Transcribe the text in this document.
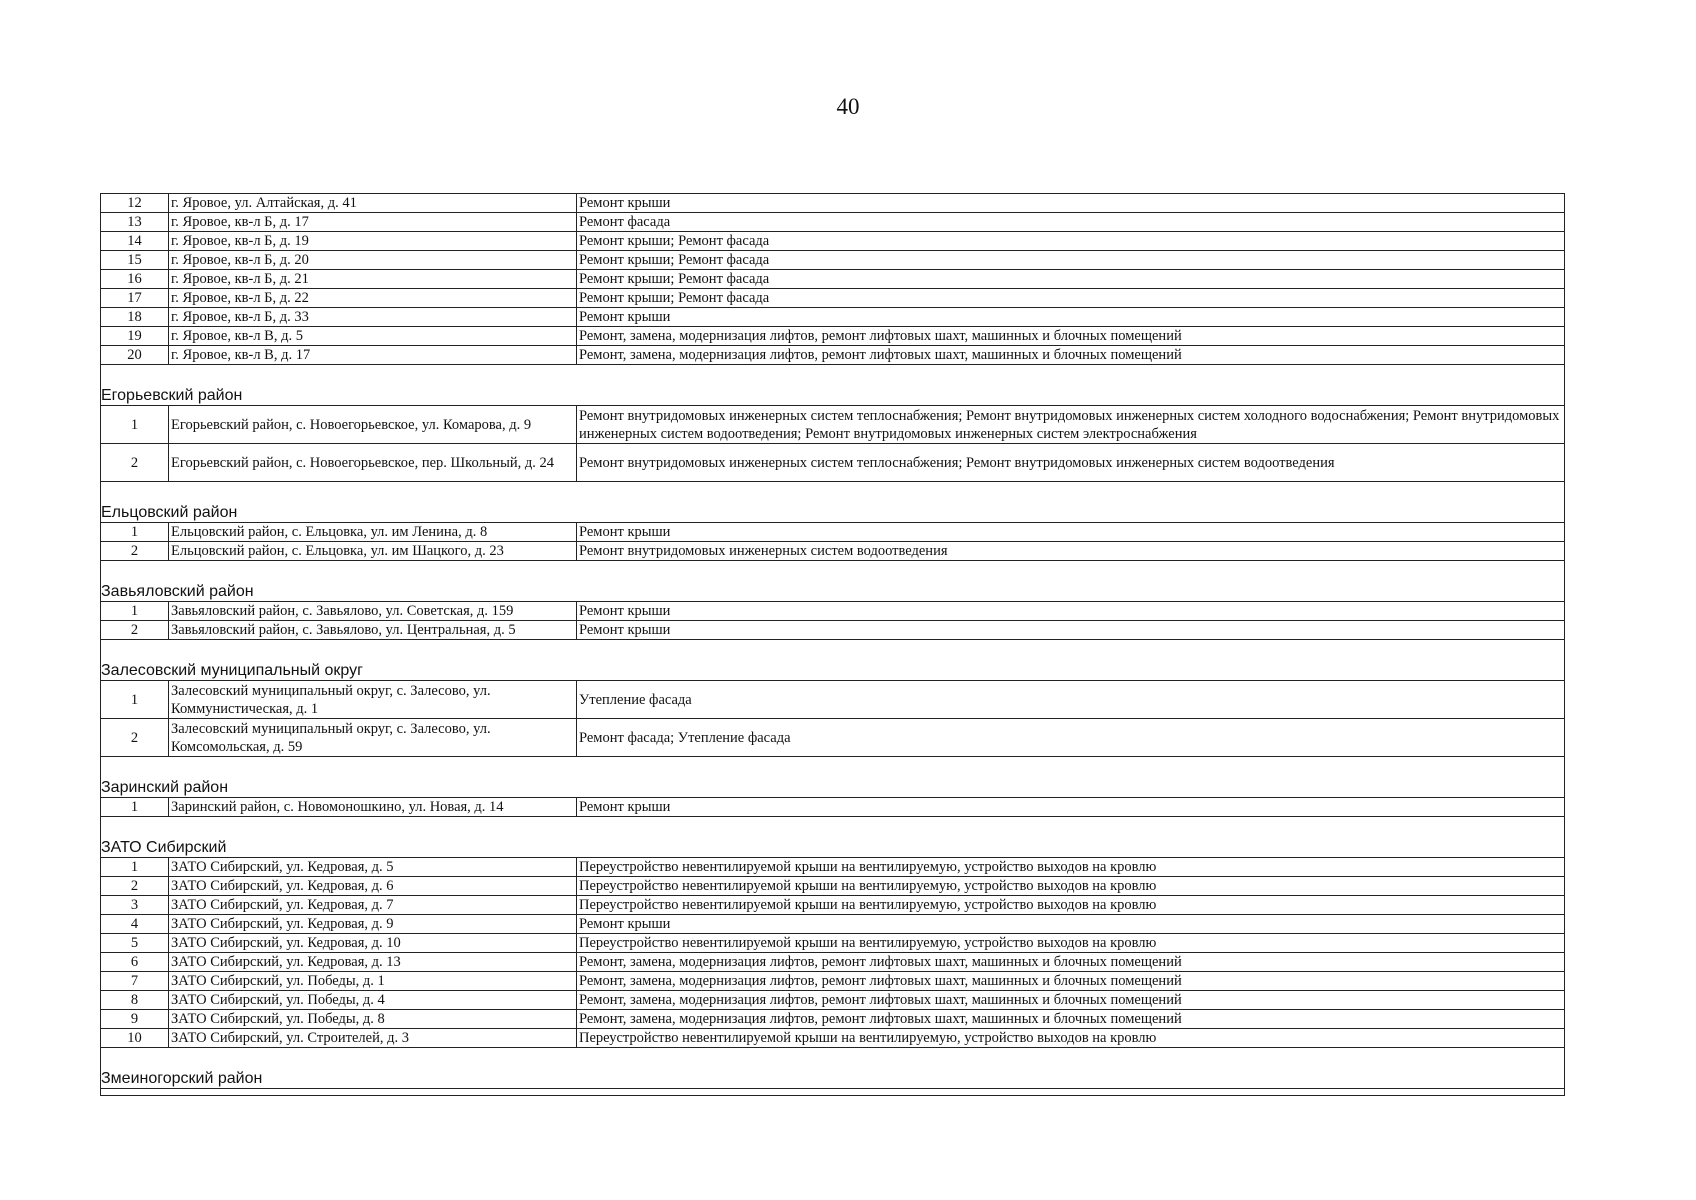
40
12	г. Яровое, ул. Алтайская, д. 41	Ремонт крыши
13	г. Яровое, кв-л Б, д. 17	Ремонт фасада
14	г. Яровое, кв-л Б, д. 19	Ремонт крыши; Ремонт фасада
15	г. Яровое, кв-л Б, д. 20	Ремонт крыши; Ремонт фасада
16	г. Яровое, кв-л Б, д. 21	Ремонт крыши; Ремонт фасада
17	г. Яровое, кв-л Б, д. 22	Ремонт крыши; Ремонт фасада
18	г. Яровое, кв-л Б, д. 33	Ремонт крыши
19	г. Яровое, кв-л В, д. 5	Ремонт, замена, модернизация лифтов, ремонт лифтовых шахт, машинных и блочных помещений
20	г. Яровое, кв-л В, д. 17	Ремонт, замена, модернизация лифтов, ремонт лифтовых шахт, машинных и блочных помещений

Егорьевский район		
1	Егорьевский район, с. Новоегорьевское, ул. Комарова, д. 9	Ремонт внутридомовых инженерных систем теплоснабжения; Ремонт внутридомовых инженерных систем холодного водоснабжения; Ремонт внутридомовых инженерных систем водоотведения; Ремонт внутридомовых инженерных систем электроснабжения
2	Егорьевский район, с. Новоегорьевское, пер. Школьный, д. 24	Ремонт внутридомовых инженерных систем теплоснабжения; Ремонт внутридомовых инженерных систем водоотведения

Ельцовский район		
1	Ельцовский район, с. Ельцовка, ул. им Ленина, д. 8	Ремонт крыши
2	Ельцовский район, с. Ельцовка, ул. им Шацкого, д. 23	Ремонт внутридомовых инженерных систем водоотведения

Завьяловский район		
1	Завьяловский район, с. Завьялово, ул. Советская, д. 159	Ремонт крыши
2	Завьяловский район, с. Завьялово, ул. Центральная, д. 5	Ремонт крыши

Залесовский муниципальный округ		
1	Залесовский муниципальный округ, с. Залесово, ул. Коммунистическая, д. 1	Утепление фасада
2	Залесовский муниципальный округ, с. Залесово, ул. Комсомольская, д. 59	Ремонт фасада; Утепление фасада

Заринский район		
1	Заринский район, с. Новомоношкино, ул. Новая, д. 14	Ремонт крыши

ЗАТО Сибирский		
1	ЗАТО Сибирский, ул. Кедровая, д. 5	Переустройство невентилируемой крыши на вентилируемую, устройство выходов на кровлю
2	ЗАТО Сибирский, ул. Кедровая, д. 6	Переустройство невентилируемой крыши на вентилируемую, устройство выходов на кровлю
3	ЗАТО Сибирский, ул. Кедровая, д. 7	Переустройство невентилируемой крыши на вентилируемую, устройство выходов на кровлю
4	ЗАТО Сибирский, ул. Кедровая, д. 9	Ремонт крыши
5	ЗАТО Сибирский, ул. Кедровая, д. 10	Переустройство невентилируемой крыши на вентилируемую, устройство выходов на кровлю
6	ЗАТО Сибирский, ул. Кедровая, д. 13	Ремонт, замена, модернизация лифтов, ремонт лифтовых шахт, машинных и блочных помещений
7	ЗАТО Сибирский, ул. Победы, д. 1	Ремонт, замена, модернизация лифтов, ремонт лифтовых шахт, машинных и блочных помещений
8	ЗАТО Сибирский, ул. Победы, д. 4	Ремонт, замена, модернизация лифтов, ремонт лифтовых шахт, машинных и блочных помещений
9	ЗАТО Сибирский, ул. Победы, д. 8	Ремонт, замена, модернизация лифтов, ремонт лифтовых шахт, машинных и блочных помещений
10	ЗАТО Сибирский, ул. Строителей, д. 3	Переустройство невентилируемой крыши на вентилируемую, устройство выходов на кровлю

Змеиногорский район		
